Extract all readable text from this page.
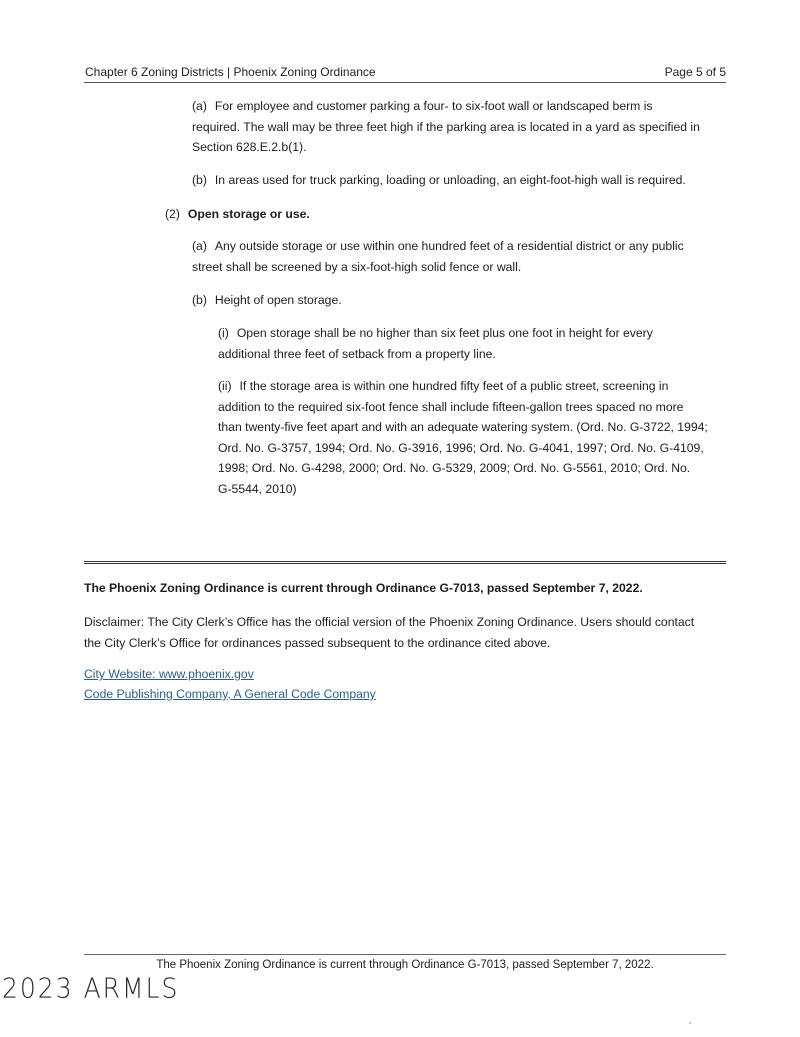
Chapter 6 Zoning Districts | Phoenix Zoning Ordinance	Page 5 of 5
(a) For employee and customer parking a four- to six-foot wall or landscaped berm is
required. The wall may be three feet high if the parking area is located in a yard as specified in
Section 628.E.2.b(1).
(b) In areas used for truck parking, loading or unloading, an eight-foot-high wall is required.
(2) Open storage or use.
(a) Any outside storage or use within one hundred feet of a residential district or any public
street shall be screened by a six-foot-high solid fence or wall.
(b) Height of open storage.
(i) Open storage shall be no higher than six feet plus one foot in height for every
additional three feet of setback from a property line.
(ii) If the storage area is within one hundred fifty feet of a public street, screening in
addition to the required six-foot fence shall include fifteen-gallon trees spaced no more
than twenty-five feet apart and with an adequate watering system. (Ord. No. G-3722, 1994;
Ord. No. G-3757, 1994; Ord. No. G-3916, 1996; Ord. No. G-4041, 1997; Ord. No. G-4109,
1998; Ord. No. G-4298, 2000; Ord. No. G-5329, 2009; Ord. No. G-5561, 2010; Ord. No.
G-5544, 2010)

The Phoenix Zoning Ordinance is current through Ordinance G-7013, passed September 7, 2022.

Disclaimer: The City Clerk’s Office has the official version of the Phoenix Zoning Ordinance. Users should contact
the City Clerk’s Office for ordinances passed subsequent to the ordinance cited above.
City Website: www.phoenix.gov
Code Publishing Company, A General Code Company
The Phoenix Zoning Ordinance is current through Ordinance G-7013, passed September 7, 2022.
2023 ARMLS
